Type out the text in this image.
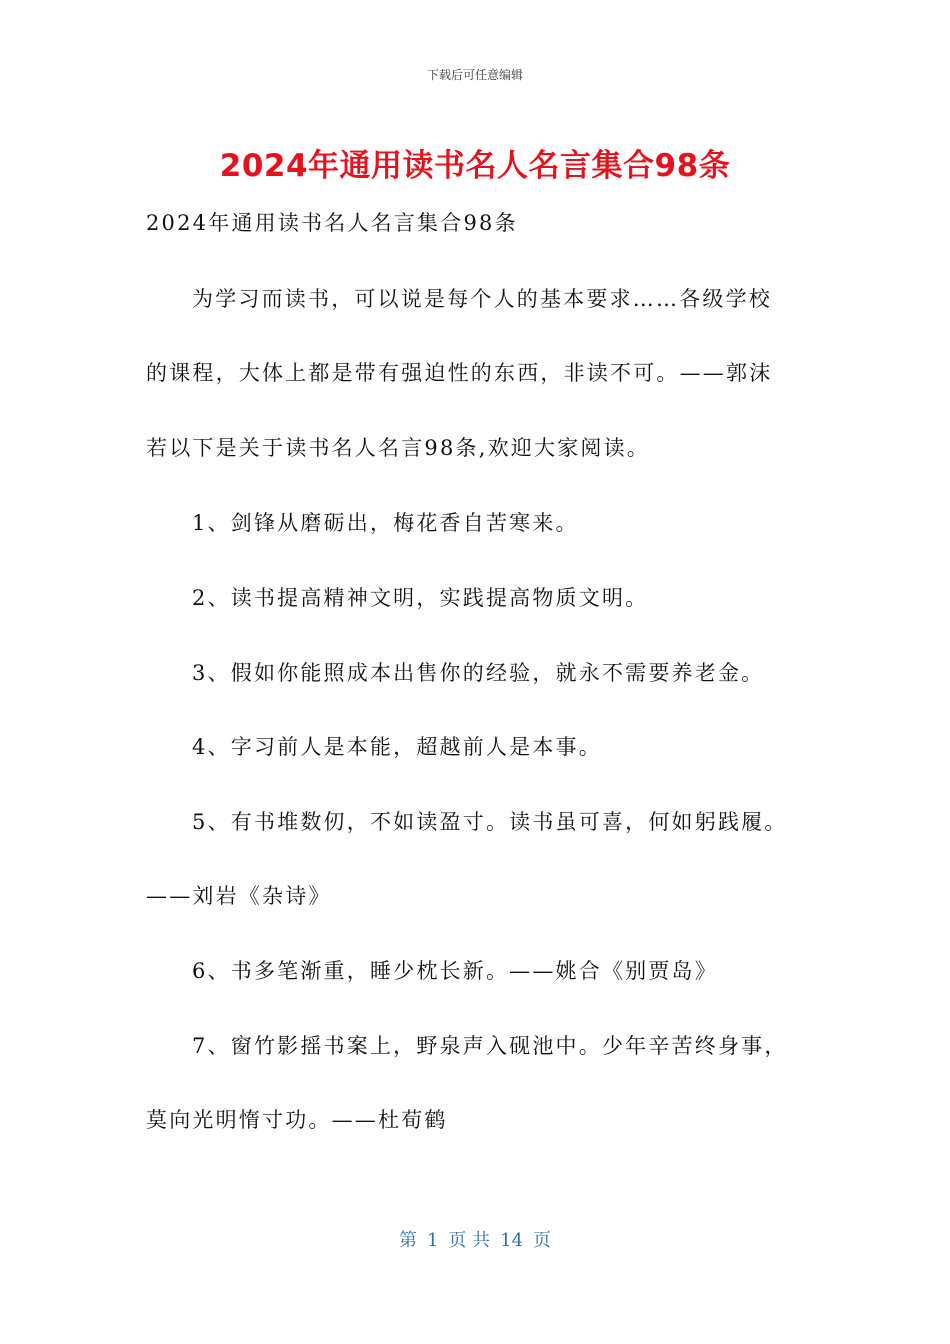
下载后可任意编辑
2024年通用读书名人名言集合98条
2024年通用读书名人名言集合98条
为学习而读书，可以说是每个人的基本要求……各级学校
的课程，大体上都是带有强迫性的东西，非读不可。——郭沫
若以下是关于读书名人名言98条,欢迎大家阅读。
1、剑锋从磨砺出，梅花香自苦寒来。
2、读书提高精神文明，实践提高物质文明。
3、假如你能照成本出售你的经验，就永不需要养老金。
4、字习前人是本能，超越前人是本事。
5、有书堆数仞，不如读盈寸。读书虽可喜，何如躬践履。
——刘岩《杂诗》
6、书多笔渐重，睡少枕长新。——姚合《别贾岛》
7、窗竹影摇书案上，野泉声入砚池中。少年辛苦终身事，
莫向光明惰寸功。——杜荀鹤
第 1 页 共 14 页
